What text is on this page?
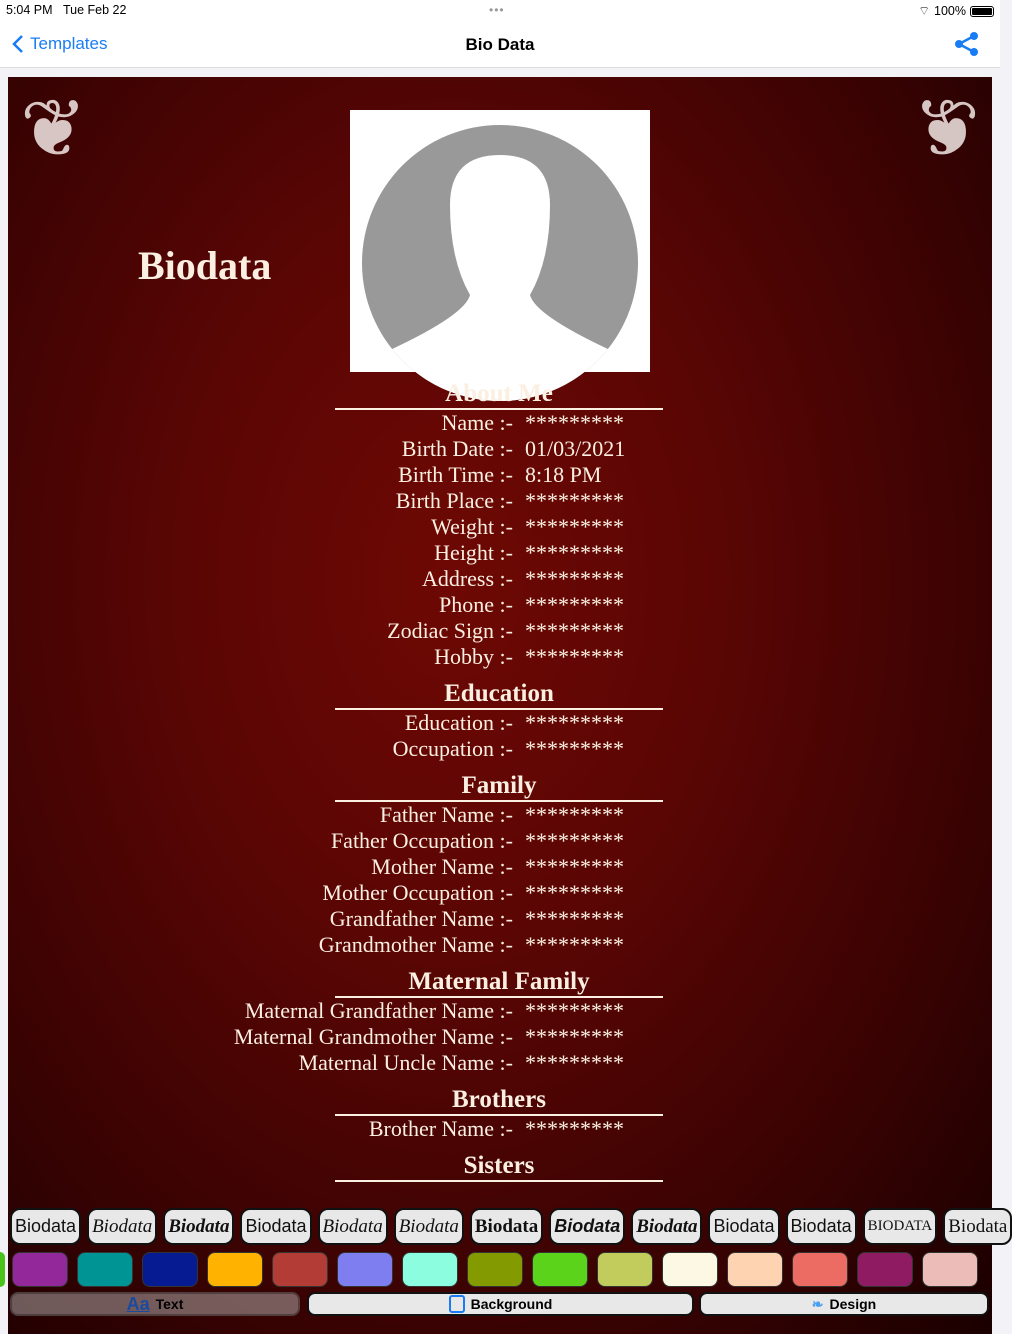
5:04 PM Tue Feb 22	•••	⌔ 100%
Templates	Bio Data
❦	❦
Biodata
About Me
Name :- *********
Birth Date :- 01/03/2021
Birth Time :- 8:18 PM
Birth Place :- *********
Weight :- *********
Height :- *********
Address :- *********
Phone :- *********
Zodiac Sign :- *********
Hobby :- *********
Education
Education :- *********
Occupation :- *********
Family
Father Name :- *********
Father Occupation :- *********
Mother Name :- *********
Mother Occupation :- *********
Grandfather Name :- *********
Grandmother Name :- *********
Maternal Family
Maternal Grandfather Name :- *********
Maternal Grandmother Name :- *********
Maternal Uncle Name :- *********
Brothers
Brother Name :- *********
Sisters
Biodata Biodata Biodata Biodata Biodata Biodata Biodata Biodata Biodata Biodata Biodata	BIODATA Biodata
Aa Text	Background	❧ Design
